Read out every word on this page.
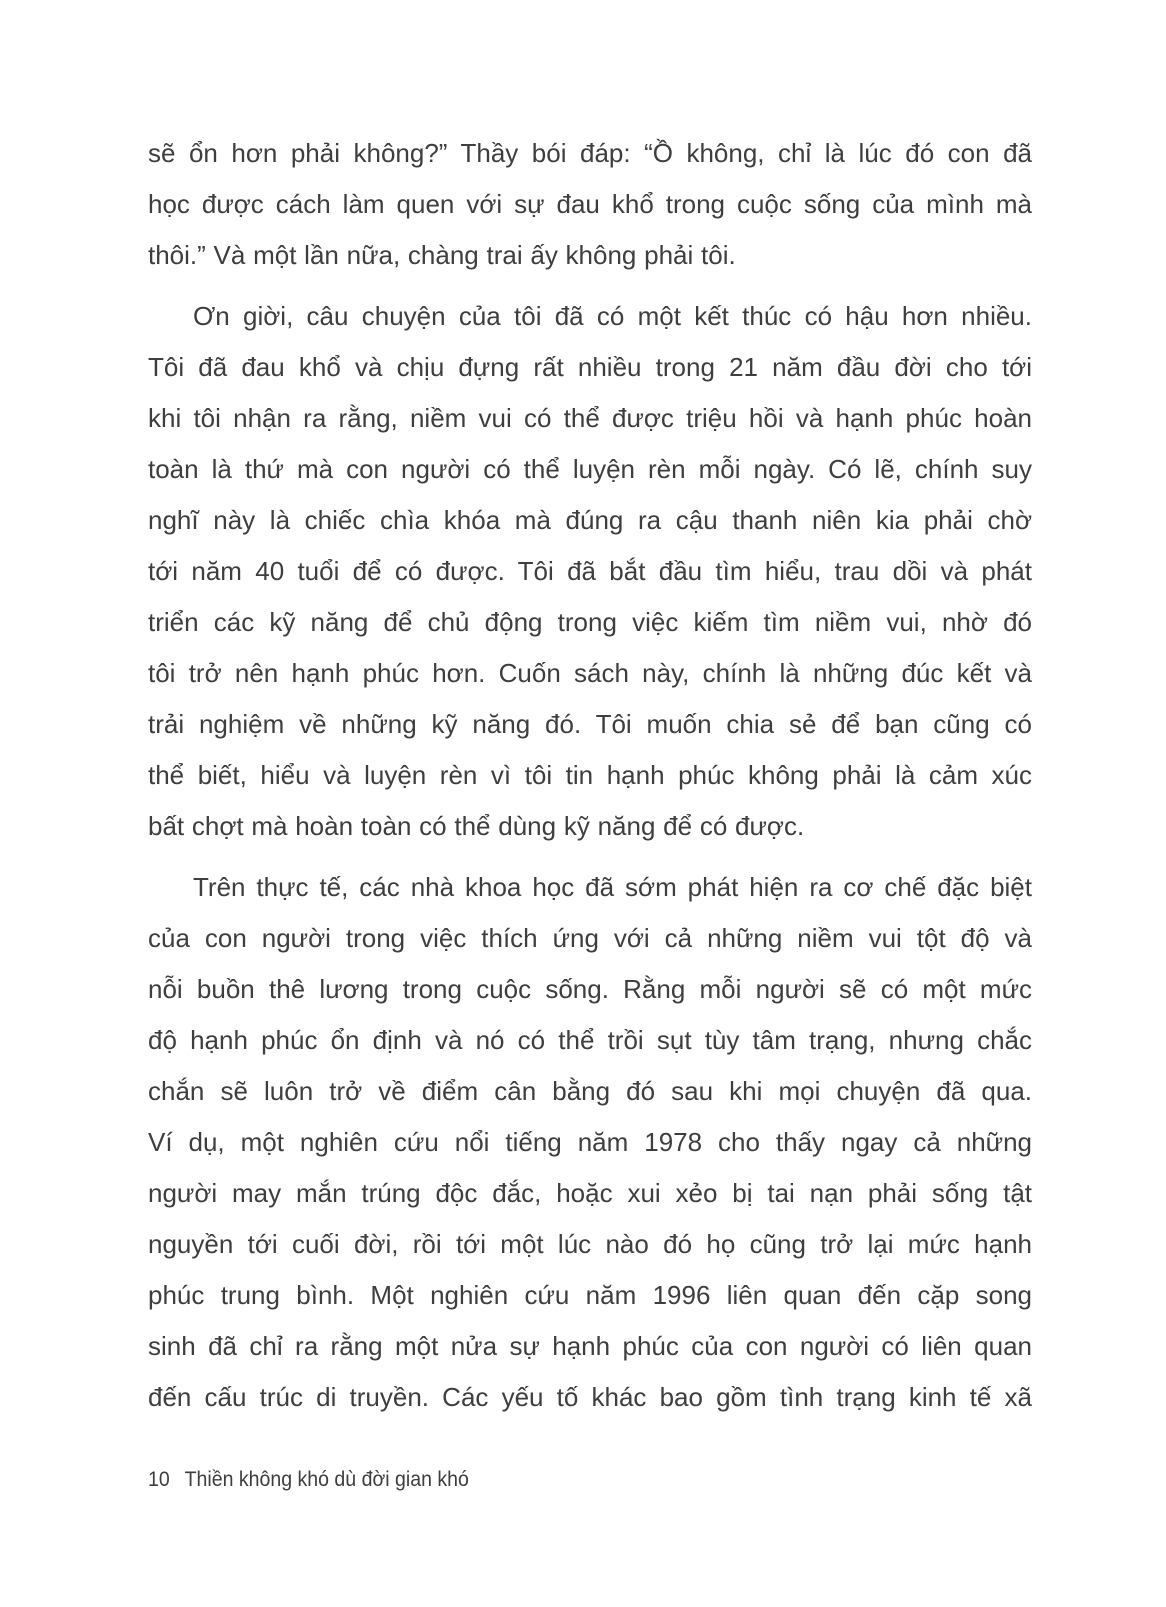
sẽ ổn hơn phải không?” Thầy bói đáp: “Ồ không, chỉ là lúc đó con đã
học được cách làm quen với sự đau khổ trong cuộc sống của mình mà
thôi.” Và một lần nữa, chàng trai ấy không phải tôi.

Ơn giời, câu chuyện của tôi đã có một kết thúc có hậu hơn nhiều.
Tôi đã đau khổ và chịu đựng rất nhiều trong 21 năm đầu đời cho tới
khi tôi nhận ra rằng, niềm vui có thể được triệu hồi và hạnh phúc hoàn
toàn là thứ mà con người có thể luyện rèn mỗi ngày. Có lẽ, chính suy
nghĩ này là chiếc chìa khóa mà đúng ra cậu thanh niên kia phải chờ
tới năm 40 tuổi để có được. Tôi đã bắt đầu tìm hiểu, trau dồi và phát
triển các kỹ năng để chủ động trong việc kiếm tìm niềm vui, nhờ đó
tôi trở nên hạnh phúc hơn. Cuốn sách này, chính là những đúc kết và
trải nghiệm về những kỹ năng đó. Tôi muốn chia sẻ để bạn cũng có
thể biết, hiểu và luyện rèn vì tôi tin hạnh phúc không phải là cảm xúc
bất chợt mà hoàn toàn có thể dùng kỹ năng để có được.

Trên thực tế, các nhà khoa học đã sớm phát hiện ra cơ chế đặc biệt
của con người trong việc thích ứng với cả những niềm vui tột độ và
nỗi buồn thê lương trong cuộc sống. Rằng mỗi người sẽ có một mức
độ hạnh phúc ổn định và nó có thể trồi sụt tùy tâm trạng, nhưng chắc
chắn sẽ luôn trở về điểm cân bằng đó sau khi mọi chuyện đã qua.
Ví dụ, một nghiên cứu nổi tiếng năm 1978 cho thấy ngay cả những
người may mắn trúng độc đắc, hoặc xui xẻo bị tai nạn phải sống tật
nguyền tới cuối đời, rồi tới một lúc nào đó họ cũng trở lại mức hạnh
phúc trung bình. Một nghiên cứu năm 1996 liên quan đến cặp song
sinh đã chỉ ra rằng một nửa sự hạnh phúc của con người có liên quan
đến cấu trúc di truyền. Các yếu tố khác bao gồm tình trạng kinh tế xã

10 Thiền không khó dù đời gian khó
